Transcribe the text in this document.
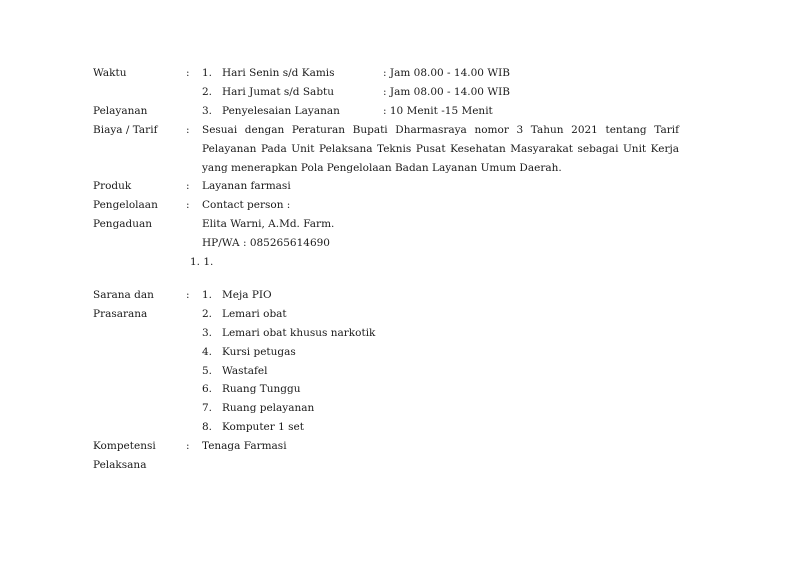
Waktu	: 1. Hari Senin s/d Kamis	: Jam 08.00 - 14.00 WIB
2. Hari Jumat s/d Sabtu	: Jam 08.00 - 14.00 WIB
Pelayanan	3. Penyelesaian Layanan	: 10 Menit -15 Menit
Biaya / Tarif	: Sesuai dengan Peraturan Bupati Dharmasraya nomor 3 Tahun 2021 tentang Tarif
Pelayanan Pada Unit Pelaksana Teknis Pusat Kesehatan Masyarakat sebagai Unit Kerja
yang menerapkan Pola Pengelolaan Badan Layanan Umum Daerah.
Produk	: Layanan farmasi
Pengelolaan	: Contact person :
Pengaduan	Elita Warni, A.Md. Farm.
HP/WA : 085265614690
1. 1.
Sarana dan	:
Prasarana
1. Meja PIO
2. Lemari obat
3. Lemari obat khusus narkotik
4. Kursi petugas
5. Wastafel
6. Ruang Tunggu
7. Ruang pelayanan
8. Komputer 1 set
Kompetensi	: Tenaga Farmasi
Pelaksana
